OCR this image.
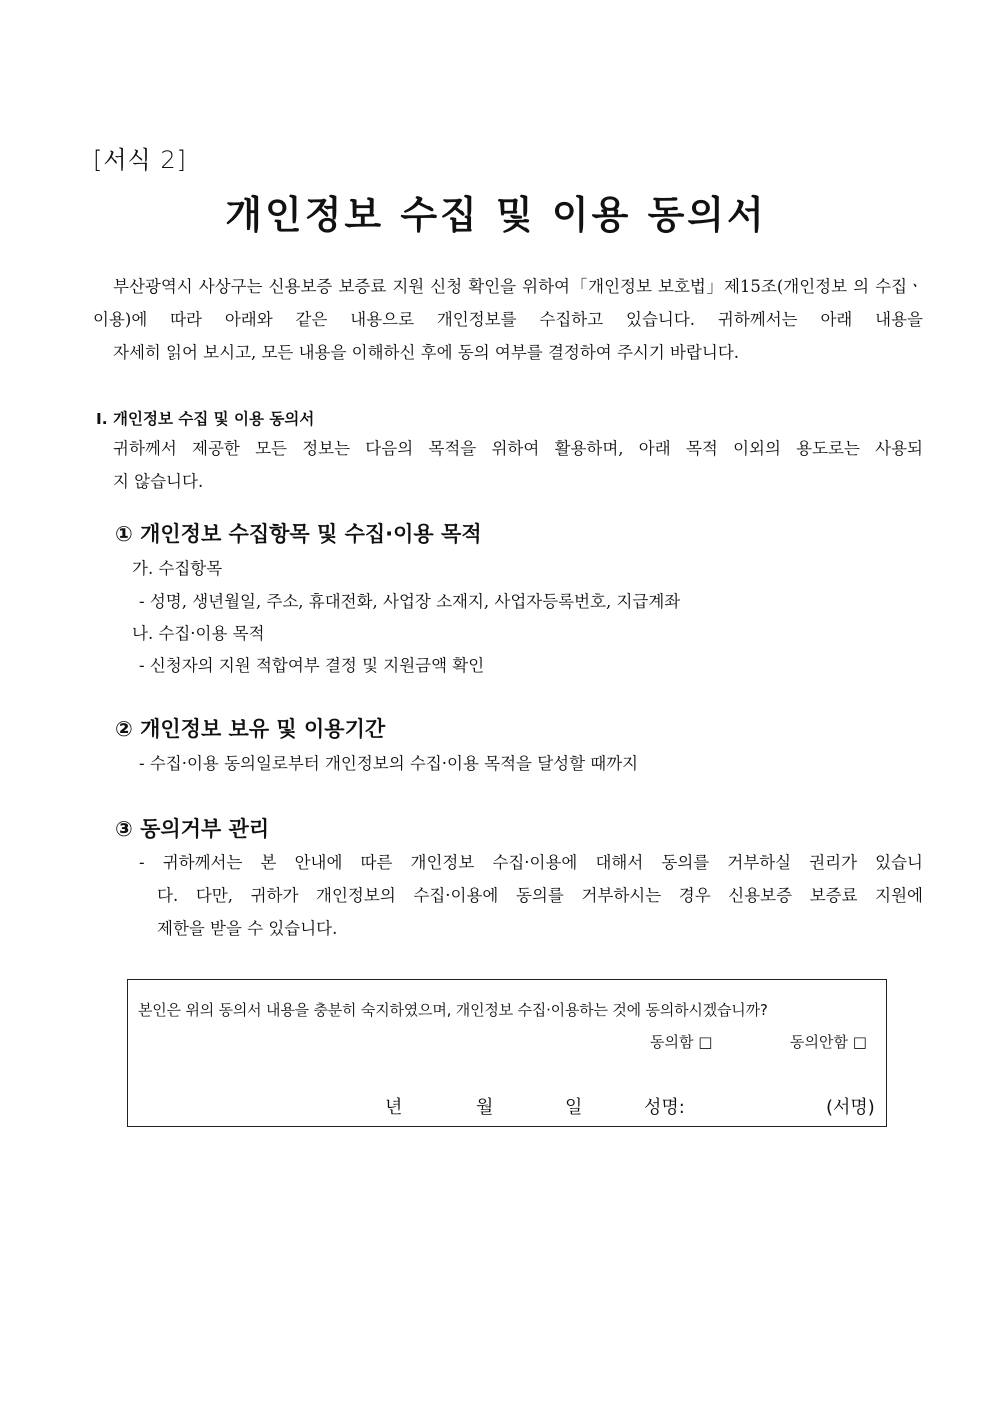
[서식 2]
개인정보 수집 및 이용 동의서
부산광역시 사상구는 신용보증 보증료 지원 신청 확인을 위하여「개인정보 보호법」제15조(개인정보 의 수집ㆍ이용)에 따라 아래와 같은 내용으로 개인정보를 수집하고 있습니다. 귀하께서는 아래 내용을
자세히 읽어 보시고, 모든 내용을 이해하신 후에 동의 여부를 결정하여 주시기 바랍니다.
Ⅰ. 개인정보 수집 및 이용 동의서
귀하께서 제공한 모든 정보는 다음의 목적을 위하여 활용하며, 아래 목적 이외의 용도로는 사용되
지 않습니다.
① 개인정보 수집항목 및 수집·이용 목적
가. 수집항목
- 성명, 생년월일, 주소, 휴대전화, 사업장 소재지, 사업자등록번호, 지급계좌
나. 수집·이용 목적
- 신청자의 지원 적합여부 결정 및 지원금액 확인
② 개인정보 보유 및 이용기간
- 수집·이용 동의일로부터 개인정보의 수집·이용 목적을 달성할 때까지
③ 동의거부 관리
- 귀하께서는 본 안내에 따른 개인정보 수집·이용에 대해서 동의를 거부하실 권리가 있습니
다. 다만, 귀하가 개인정보의 수집·이용에 동의를 거부하시는 경우 신용보증 보증료 지원에
제한을 받을 수 있습니다.
본인은 위의 동의서 내용을 충분히 숙지하였으며, 개인정보 수집·이용하는 것에 동의하시겠습니까?
동의함 □	동의안함 □
년	월	일	성명:	(서명)
